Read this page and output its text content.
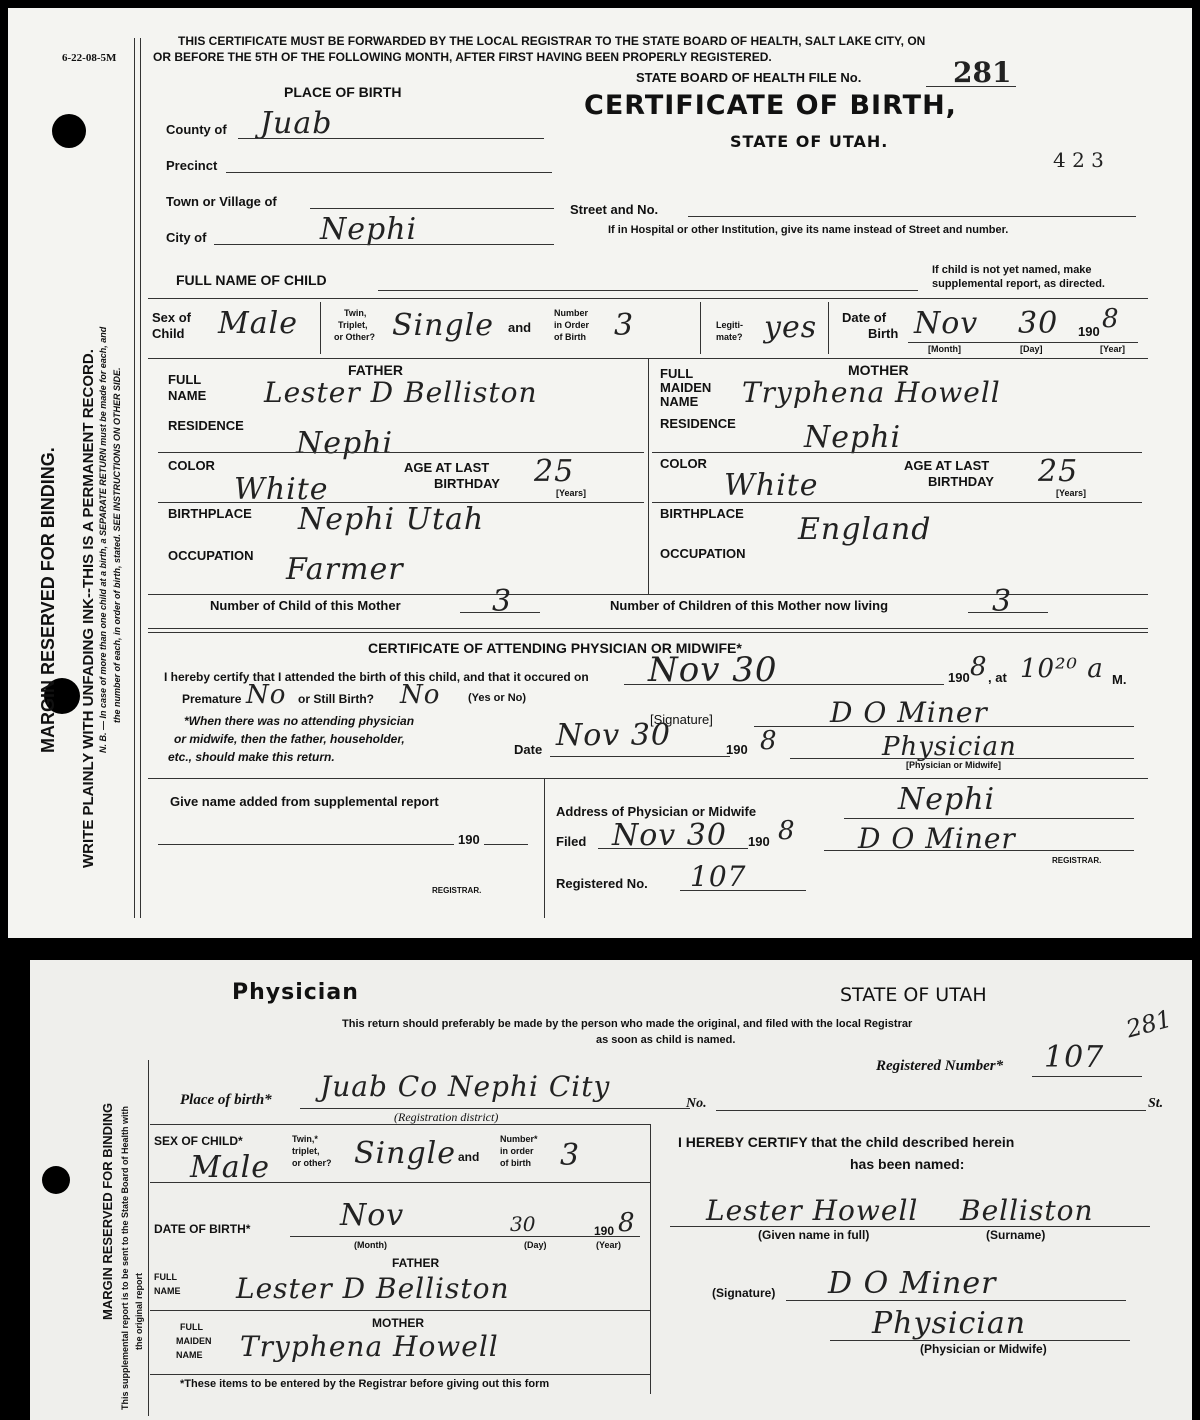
6-22-08-5M
WRITE PLAINLY WITH UNFADING INK--THIS IS A PERMANENT RECORD.
MARGIN RESERVED FOR BINDING.	N. B. — In case of more than one child at a birth, a SEPARATE RETURN must be made for each, and the number of each, in order of birth, stated. SEE INSTRUCTIONS ON OTHER SIDE.
THIS CERTIFICATE MUST BE FORWARDED BY THE LOCAL REGISTRAR TO THE STATE BOARD OF HEALTH, SALT LAKE CITY, ON
OR BEFORE THE 5TH OF THE FOLLOWING MONTH, AFTER FIRST HAVING BEEN PROPERLY REGISTERED.
STATE BOARD OF HEALTH FILE No.	281
CERTIFICATE OF BIRTH,
STATE OF UTAH.
4 2 3
PLACE OF BIRTH
County of Juab
Precinct
Town or Village of
City of	Nephi
Street and No.
If in Hospital or other Institution, give its name instead of Street and number.
FULL NAME OF CHILD
If child is not yet named, make
supplemental report, as directed.
Sex of
Child Male	Twin,
Triplet,
or Other? Single and
Number
in Order
of Birth 3	Legiti-
mate? yes Date of
Birth Nov 30 190 8
[Month]	[Day]	[Year]
FATHER
FULL
NAME Lester D Belliston
RESIDENCE
Nephi
COLOR
White
AGE AT LAST
BIRTHDAY 25
[Years]
BIRTHPLACE Nephi Utah
OCCUPATION Farmer
MOTHER
FULL
MAIDEN
NAME Tryphena Howell
RESIDENCE Nephi
COLOR
White
AGE AT LAST
BIRTHDAY 25
[Years]
BIRTHPLACE England
OCCUPATION
Number of Child of this Mother	3	Number of Children of this Mother now living	3
CERTIFICATE OF ATTENDING PHYSICIAN OR MIDWIFE*
I hereby certify that I attended the birth of this child, and that it occured on Nov 30	190 8 , at 10²⁰ a M.
Premature No or Still Birth? No	(Yes or No)
*When there was no attending physician
or midwife, then the father, householder,
etc., should make this return.
[Signature]	D O Miner
Date Nov 30	190 8	Physician
[Physician or Midwife]
Give name added from supplemental report
190
REGISTRAR.
Address of Physician or Midwife	Nephi
Filed Nov 30 190 8 D O Miner
REGISTRAR.
Registered No. 107
MARGIN RESERVED FOR BINDING This supplemental report is to be sent to the State Board of Health with the original report
Physician	STATE OF UTAH
This return should preferably be made by the person who made the original, and filed with the local Registrar
as soon as child is named.
Registered Number* 107
281
Place of birth* Juab Co Nephi City
(Registration district)
No.	St.
SEX OF CHILD*
Male
Twin,*
triplet,
or other? Single and
Number*
in order
of birth 3
DATE OF BIRTH*	Nov	30	190 8
(Month)	(Day)	(Year)
FATHER
FULL
NAME Lester D Belliston
MOTHER
FULL
MAIDEN
NAME Tryphena Howell
*These items to be entered by the Registrar before giving out this form
I HEREBY CERTIFY that the child described herein
has been named:
Lester Howell Belliston
(Given name in full)	(Surname)
(Signature) D O Miner
Physician
(Physician or Midwife)
